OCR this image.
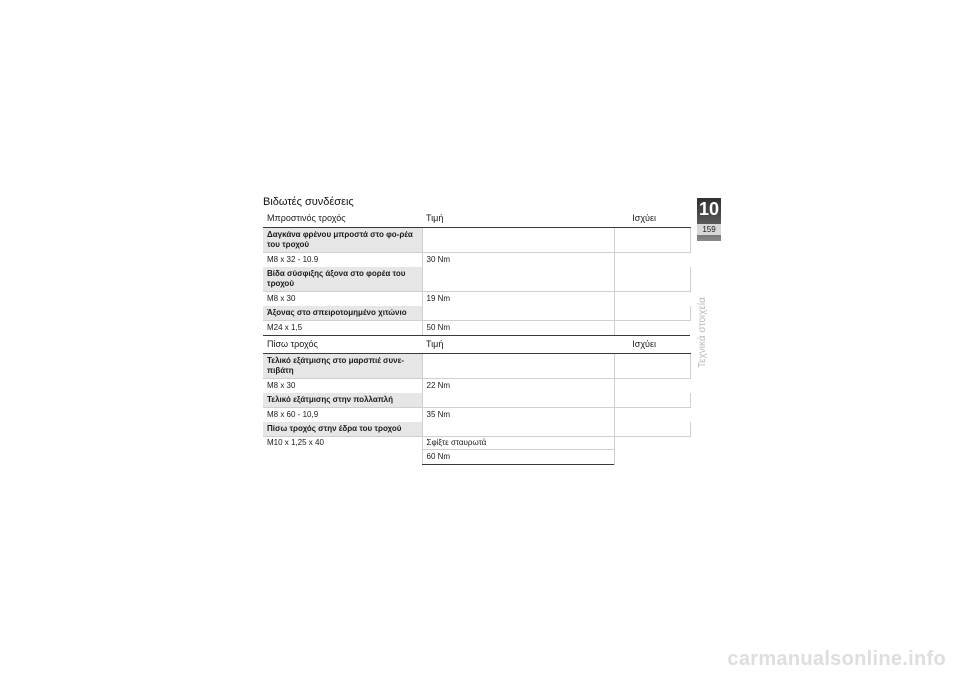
Βιδωτές συνδέσεις
Μπροστινός τροχός	Τιμή	Ισχύει
Δαγκάνα φρένου μπροστά στο φο-ρέα του τροχού		
M8 x 32 - 10.9	30 Nm	
Βίδα σύσφιξης άξονα στο φορέα του τροχού		
M8 x 30	19 Nm	
Άξονας στο σπειροτομημένο χιτώνιο		
M24 x 1,5	50 Nm	
Πίσω τροχός	Τιμή	Ισχύει
Τελικό εξάτμισης στο μαρσπιέ συνε-πιβάτη		
M8 x 30	22 Nm	
Τελικό εξάτμισης στην πολλαπλή		
M8 x 60 - 10,9	35 Nm	
Πίσω τροχός στην έδρα του τροχού		
M10 x 1,25 x 40	Σφίξτε σταυρωτά	
	60 Nm	
10
159
Τεχνικά στοιχεία
carmanualsonline.info
